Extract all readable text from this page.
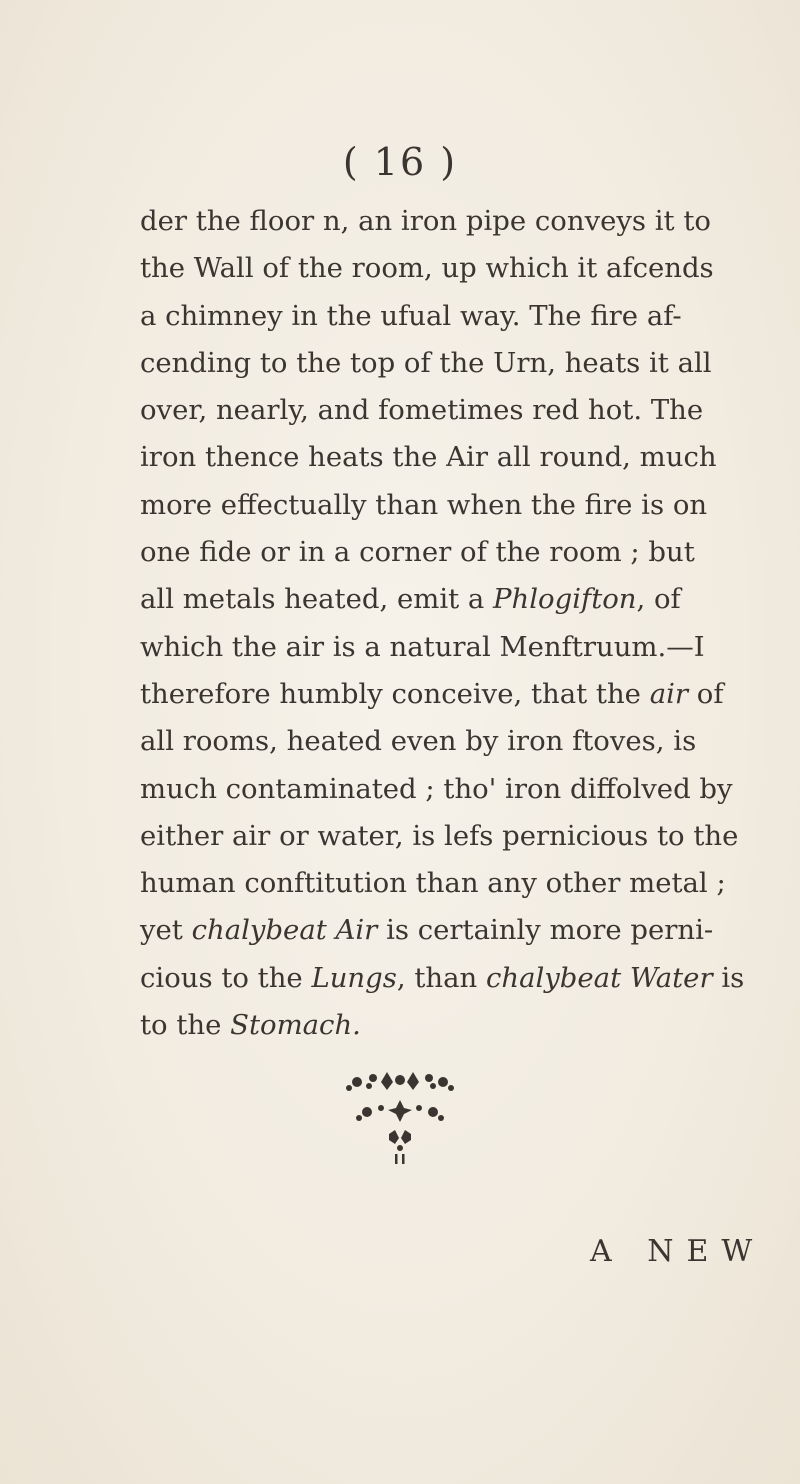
( 16 )

der the floor n, an iron pipe conveys it to

the Wall of the room, up which it afcends

a chimney in the ufual way. The fire af-

cending to the top of the Urn, heats it all

over, nearly, and fometimes red hot. The

iron thence heats the Air all round, much

more effectually than when the fire is on

one fide or in a corner of the room ; but

all metals heated, emit a Phlogifton, of

which the air is a natural Menftruum.—I

therefore humbly conceive, that the air of

all rooms, heated even by iron ftoves, is

much contaminated ; tho' iron diffolved by

either air or water, is lefs pernicious to the

human conftitution than any other metal ;

yet chalybeat Air is certainly more perni-

cious to the Lungs, than chalybeat Water is

to the Stomach.

A NEW
